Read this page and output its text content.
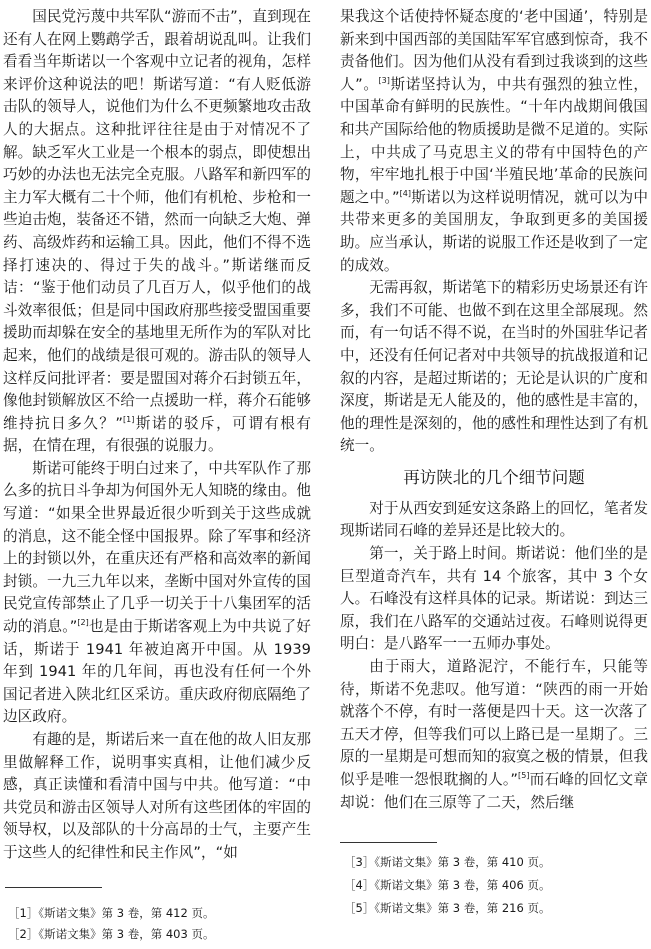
国民党污蔑中共军队“游而不击”，直到现在还有人在网上鹦鹉学舌，跟着胡说乱叫。让我们看看当年斯诺以一个客观中立记者的视角，怎样来评价这种说法的吧！斯诺写道：“有人贬低游击队的领导人，说他们为什么不更频繁地攻击敌人的大据点。这种批评往往是由于对情况不了解。缺乏军火工业是一个根本的弱点，即使想出巧妙的办法也无法完全克服。八路军和新四军的主力军大概有二十个师，他们有机枪、步枪和一些迫击炮，装备还不错，然而一向缺乏大炮、弹药、高级炸药和运输工具。因此，他们不得不选择打速决的、得过于失的战斗。”斯诺继而反诘：“鉴于他们动员了几百万人，似乎他们的战斗效率很低；但是同中国政府那些接受盟国重要援助而却躲在安全的基地里无所作为的军队对比起来，他们的战绩是很可观的。游击队的领导人这样反问批评者：要是盟国对蒋介石封锁五年，像他封锁解放区不给一点援助一样，蒋介石能够维持抗日多久？”[1]斯诺的驳斥，可谓有根有据，在情在理，有很强的说服力。

斯诺可能终于明白过来了，中共军队作了那么多的抗日斗争却为何国外无人知晓的缘由。他写道：“如果全世界最近很少听到关于这些成就的消息，这不能全怪中国报界。除了军事和经济上的封锁以外，在重庆还有严格和高效率的新闻封锁。一九三九年以来，垄断中国对外宣传的国民党宣传部禁止了几乎一切关于十八集团军的活动的消息。”[2]也是由于斯诺客观上为中共说了好话，斯诺于 1941 年被迫离开中国。从 1939 年到 1941 年的几年间，再也没有任何一个外国记者进入陕北红区采访。重庆政府彻底隔绝了边区政府。

有趣的是，斯诺后来一直在他的故人旧友那里做解释工作，说明事实真相，让他们减少反感，真正读懂和看清中国与中共。他写道：“中共党员和游击区领导人对所有这些团体的牢固的领导权，以及部队的十分高昂的士气，主要产生于这些人的纪律性和民主作风”，“如

果我这个话使持怀疑态度的‘老中国通’，特别是新来到中国西部的美国陆军军官感到惊奇，我不责备他们。因为他们从没有看到过我谈到的这些人”。[3]斯诺坚持认为，中共有强烈的独立性，中国革命有鲜明的民族性。“十年内战期间俄国和共产国际给他的物质援助是微不足道的。实际上，中共成了马克思主义的带有中国特色的产物，牢牢地扎根于中国‘半殖民地’革命的民族问题之中。”[4]斯诺以为这样说明情况，就可以为中共带来更多的美国朋友，争取到更多的美国援助。应当承认，斯诺的说服工作还是收到了一定的成效。

无需再叙，斯诺笔下的精彩历史场景还有许多，我们不可能、也做不到在这里全部展现。然而，有一句话不得不说，在当时的外国驻华记者中，还没有任何记者对中共领导的抗战报道和记叙的内容，是超过斯诺的；无论是认识的广度和深度，斯诺是无人能及的，他的感性是丰富的，他的理性是深刻的，他的感性和理性达到了有机统一。

再访陕北的几个细节问题

对于从西安到延安这条路上的回忆，笔者发现斯诺同石峰的差异还是比较大的。

第一，关于路上时间。斯诺说：他们坐的是巨型道奇汽车，共有 14 个旅客，其中 3 个女人。石峰没有这样具体的记录。斯诺说：到达三原，我们在八路军的交通站过夜。石峰则说得更明白：是八路军一一五师办事处。

由于雨大，道路泥泞，不能行车，只能等待，斯诺不免悲叹。他写道：“陕西的雨一开始就落个不停，有时一落便是四十天。这一次落了五天才停，但等我们可以上路已是一星期了。三原的一星期是可想而知的寂寞之极的情景，但我似乎是唯一怨恨耽搁的人。”[5]而石峰的回忆文章却说：他们在三原等了二天，然后继

［1］《斯诺文集》第 3 卷，第 412 页。
［2］《斯诺文集》第 3 卷，第 403 页。
［3］《斯诺文集》第 3 卷，第 410 页。
［4］《斯诺文集》第 3 卷，第 406 页。
［5］《斯诺文集》第 3 卷，第 216 页。
